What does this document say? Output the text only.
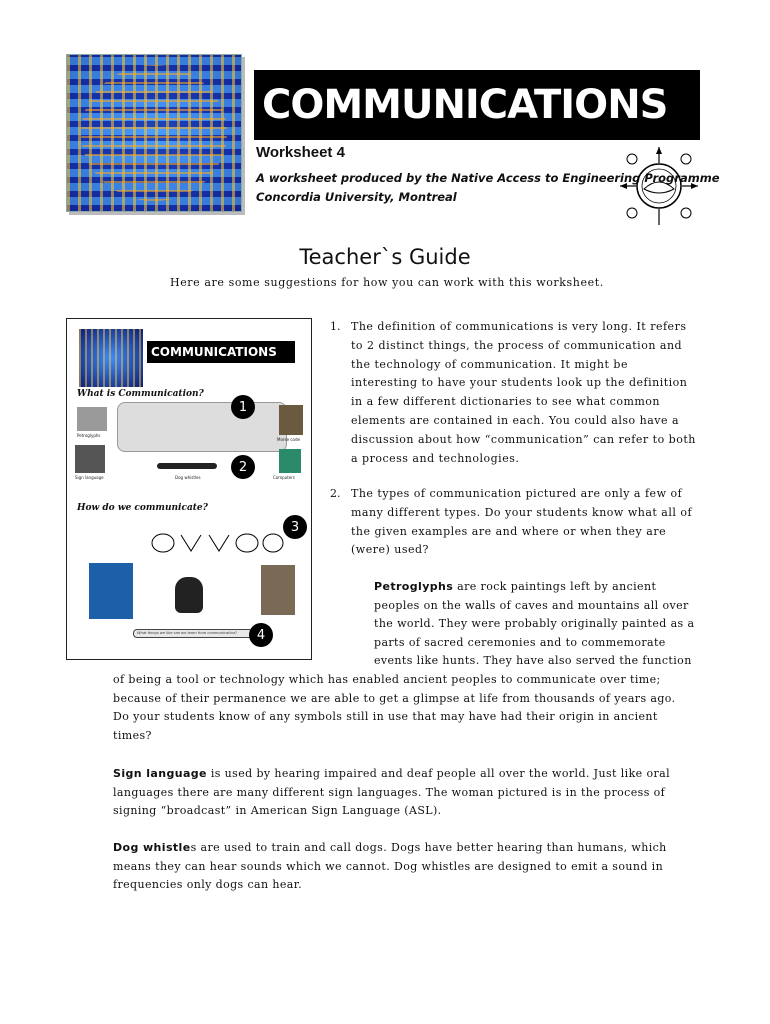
COMMUNICATIONS
Worksheet 4
A worksheet produced by the Native Access to Engineering Programme
Concordia University, Montreal
Teacher`s Guide
Here are some suggestions for how you can work with this worksheet.
COMMUNICATIONS
What is Communication?
Petroglyphs
Morse code
Sign language	Dog whistles	Computers
How do we communicate?
What things we like can we learn from communication?
1
2
3
4
1. The definition of communications is very long. It refers
to 2 distinct things, the process of communication and
the technology of communication. It might be
interesting to have your students look up the definition
in a few different dictionaries to see what common
elements are contained in each. You could also have a
discussion about how “communication” can refer to both
a process and technologies.
2. The types of communication pictured are only a few of
many different types. Do your students know what all of
the given examples are and where or when they are
(were) used?
Petroglyphs are rock paintings left by ancient
peoples on the walls of caves and mountains all over
the world. They were probably originally painted as a
parts of sacred ceremonies and to commemorate
events like hunts. They have also served the function
of being a tool or technology which has enabled ancient peoples to communicate over time;
because of their permanence we are able to get a glimpse at life from thousands of years ago.
Do your students know of any symbols still in use that may have had their origin in ancient
times?
Sign language is used by hearing impaired and deaf people all over the world. Just like oral
languages there are many different sign languages. The woman pictured is in the process of
signing “broadcast” in American Sign Language (ASL).
Dog whistles are used to train and call dogs. Dogs have better hearing than humans, which
means they can hear sounds which we cannot. Dog whistles are designed to emit a sound in
frequencies only dogs can hear.
